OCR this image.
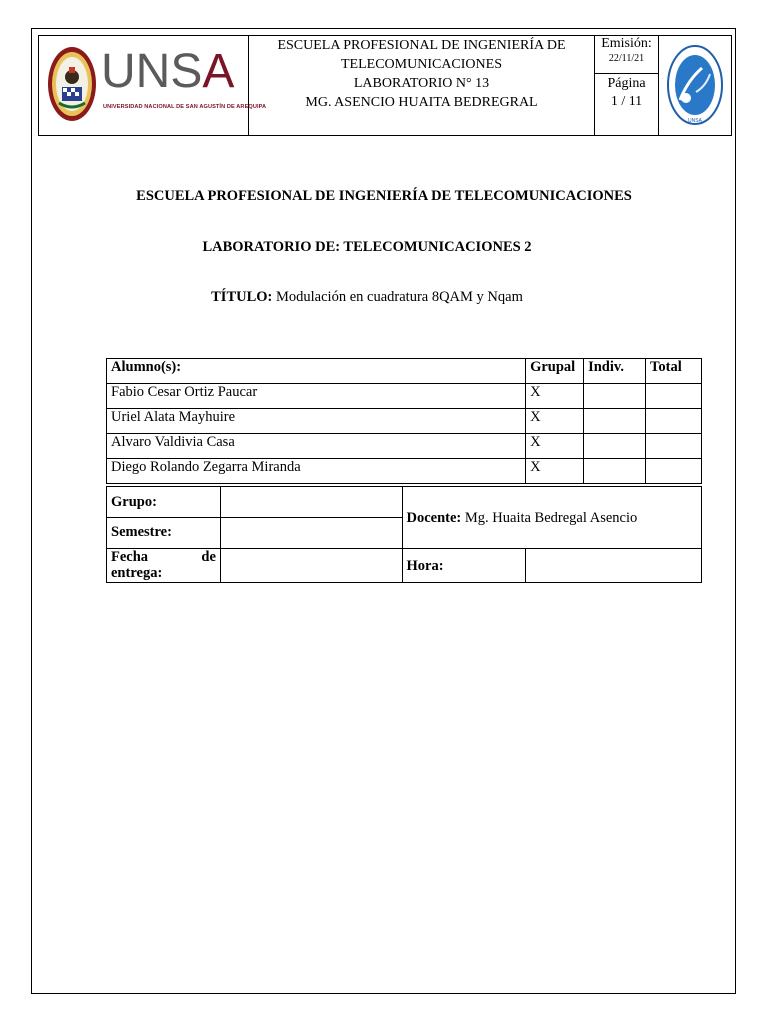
UNSA
UNIVERSIDAD NACIONAL DE SAN AGUSTÍN DE AREQUIPA
ESCUELA PROFESIONAL DE INGENIERÍA DE
TELECOMUNICACIONES
LABORATORIO N° 13
MG. ASENCIO HUAITA BEDREGRAL
Emisión:
22/11/21
Página
1 / 11
UNSA
ESCUELA PROFESIONAL DE INGENIERÍA DE TELECOMUNICACIONES
LABORATORIO DE: TELECOMUNICACIONES 2
TÍTULO: Modulación en cuadratura 8QAM y Nqam
Alumno(s):	Grupal	Indiv.	Total
Fabio Cesar Ortiz Paucar	X		
Uriel Alata Mayhuire	X		
Alvaro Valdivia Casa	X		
Diego Rolando Zegarra Miranda	X		
Grupo:		Docente: Mg. Huaita Bedregal Asencio	
Semestre:			

Fecha de
entrega:		Hora:	
